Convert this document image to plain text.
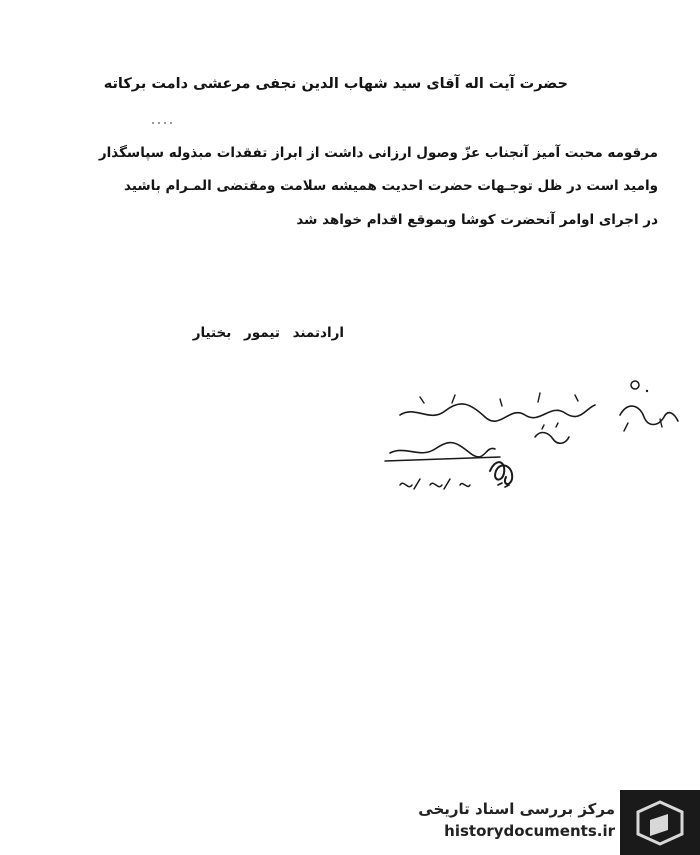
حضرت آیت اله آقای سید شهاب الدین نجفی مرعشی دامت برکاته
مرقومه محبت آمیز آنجناب عزّ وصول ارزانی داشت از ابراز تفقدات مبذوله سپاسگذار
وامید است در ظل توجـهات حضرت احدیت همیشه سلامت ومقتضی المـرام باشید
در اجرای اوامر آنحضرت کوشا وبموقع اقدام خواهد شد
ارادتمند تیمور بختیار
مرکز بررسی اسناد تاریخی
historydocuments.ir
